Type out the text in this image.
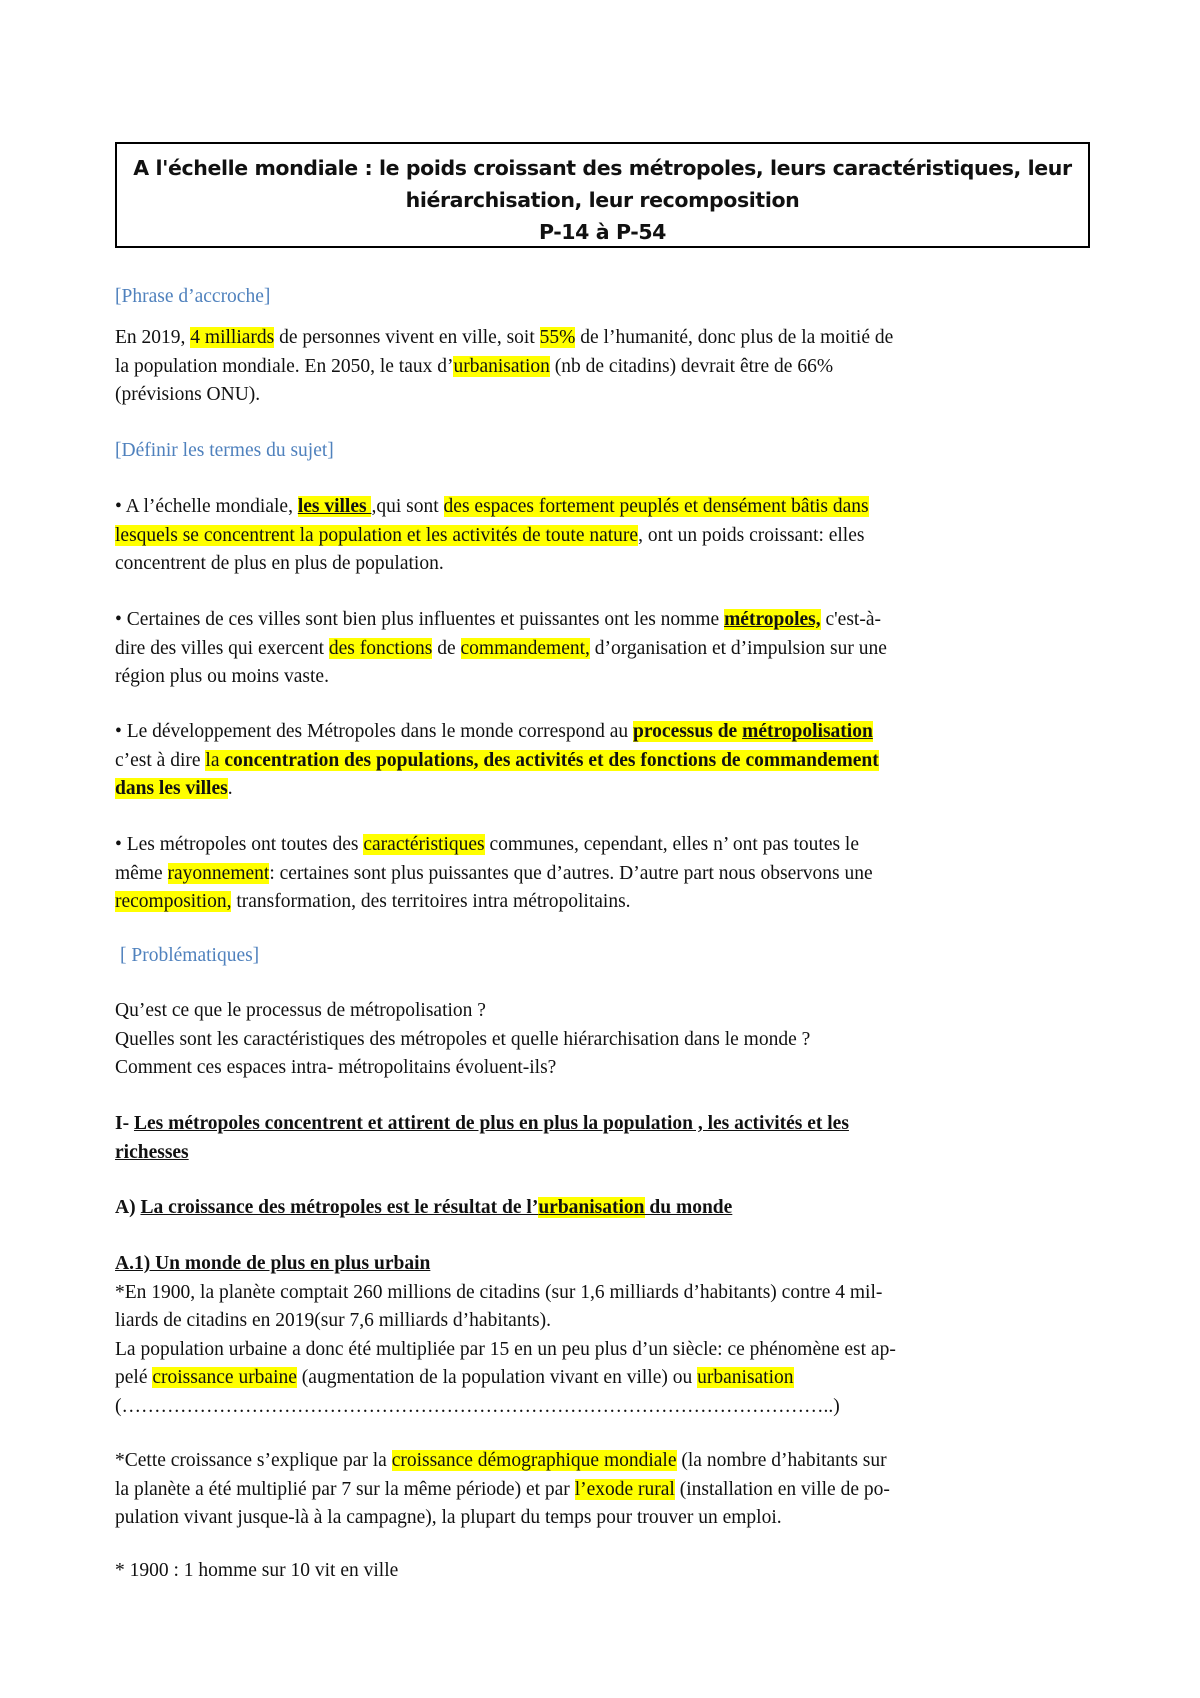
A l'échelle mondiale : le poids croissant des métropoles, leurs caractéristiques, leur
hiérarchisation, leur recomposition
P-14 à P-54
[Phrase d’accroche]
En 2019, 4 milliards de personnes vivent en ville, soit 55% de l’humanité, donc plus de la moitié de
la population mondiale. En 2050, le taux d’urbanisation (nb de citadins) devrait être de 66%
(prévisions ONU).
[Définir les termes du sujet]
• A l’échelle mondiale, les villes ,qui sont des espaces fortement peuplés et densément bâtis dans
lesquels se concentrent la population et les activités de toute nature, ont un poids croissant: elles
concentrent de plus en plus de population.
• Certaines de ces villes sont bien plus influentes et puissantes ont les nomme métropoles, c'est-à-
dire des villes qui exercent des fonctions de commandement, d’organisation et d’impulsion sur une
région plus ou moins vaste.
• Le développement des Métropoles dans le monde correspond au processus de métropolisation
c’est à dire la concentration des populations, des activités et des fonctions de commandement
dans les villes.
• Les métropoles ont toutes des caractéristiques communes, cependant, elles n’ ont pas toutes le
même rayonnement: certaines sont plus puissantes que d’autres. D’autre part nous observons une
recomposition, transformation, des territoires intra métropolitains.
[ Problématiques]
Qu’est ce que le processus de métropolisation ?
Quelles sont les caractéristiques des métropoles et quelle hiérarchisation dans le monde ?
Comment ces espaces intra- métropolitains évoluent-ils?
I- Les métropoles concentrent et attirent de plus en plus la population , les activités et les
richesses
A) La croissance des métropoles est le résultat de l’urbanisation du monde
A.1) Un monde de plus en plus urbain
*En 1900, la planète comptait 260 millions de citadins (sur 1,6 milliards d’habitants) contre 4 mil-
liards de citadins en 2019(sur 7,6 milliards d’habitants).
La population urbaine a donc été multipliée par 15 en un peu plus d’un siècle: ce phénomène est ap-
pelé croissance urbaine (augmentation de la population vivant en ville) ou urbanisation
(………………………………………………………………………………………………..)
*Cette croissance s’explique par la croissance démographique mondiale (la nombre d’habitants sur
la planète a été multiplié par 7 sur la même période) et par l’exode rural (installation en ville de po-
pulation vivant jusque-là à la campagne), la plupart du temps pour trouver un emploi.
* 1900 : 1 homme sur 10 vit en ville
